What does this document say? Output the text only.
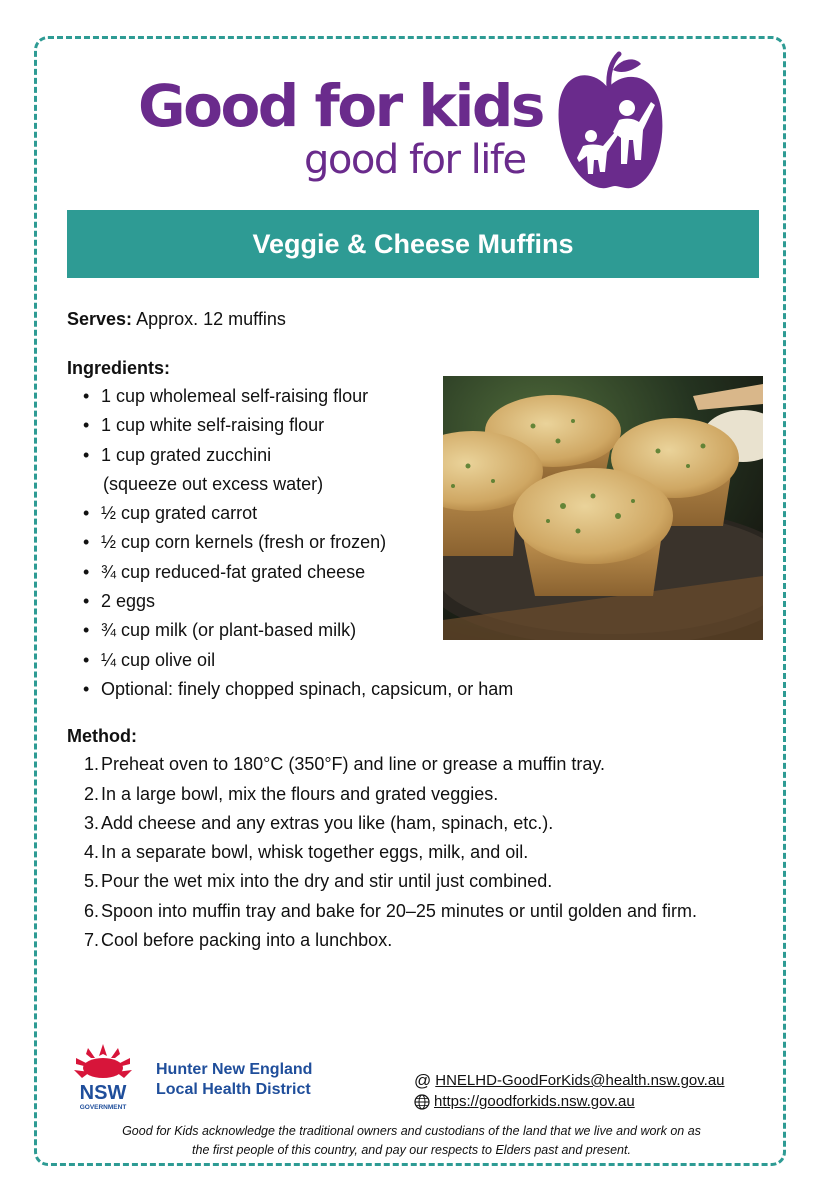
Good for kids
good for life
Veggie & Cheese Muffins

Serves: Approx. 12 muffins

Ingredients:

• 1 cup wholemeal self-raising flour
• 1 cup white self-raising flour
• 1 cup grated zucchini
(squeeze out excess water)
• ½ cup grated carrot
• ½ cup corn kernels (fresh or frozen)
• ¾ cup reduced-fat grated cheese
• 2 eggs
• ¾ cup milk (or plant-based milk)
• ¼ cup olive oil
• Optional: finely chopped spinach, capsicum, or ham

Method:

1. Preheat oven to 180°C (350°F) and line or grease a muffin tray.
2. In a large bowl, mix the flours and grated veggies.
3. Add cheese and any extras you like (ham, spinach, etc.).
4. In a separate bowl, whisk together eggs, milk, and oil.
5. Pour the wet mix into the dry and stir until just combined.
6. Spoon into muffin tray and bake for 20–25 minutes or until golden and firm.
7. Cool before packing into a lunchbox.
NSW
GOVERNMENT
Hunter New England
Local Health District	@ HNELHD-GoodForKids@health.nsw.gov.au
https://goodforkids.nsw.gov.au
Good for Kids acknowledge the traditional owners and custodians of the land that we live and work on as
the first people of this country, and pay our respects to Elders past and present.
